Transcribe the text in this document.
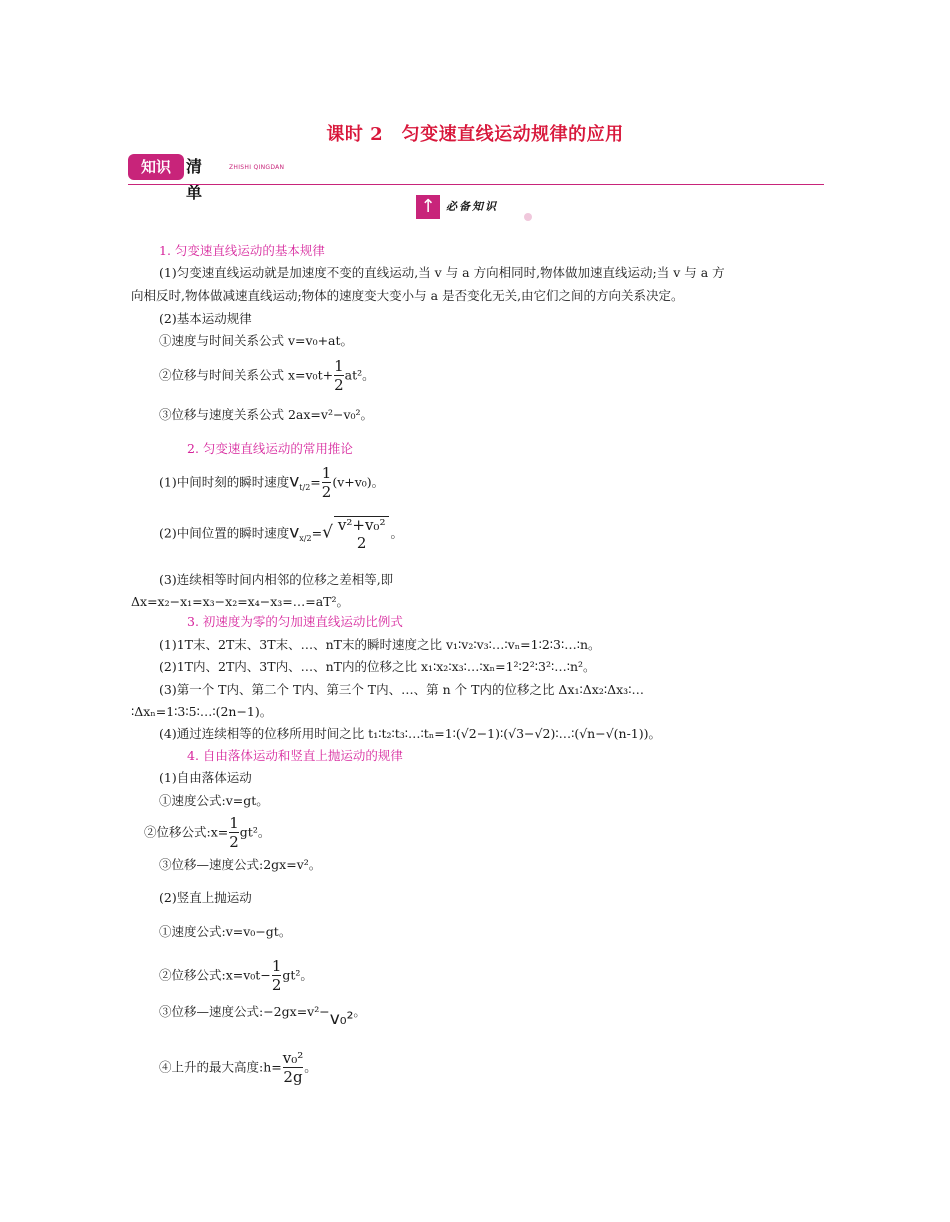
课时 2　匀变速直线运动规律的应用
知识 清单
ZHISHI QINGDAN
↑ 必备知识
1. 匀变速直线运动的基本规律
(1)匀变速直线运动就是加速度不变的直线运动,当 v 与 a 方向相同时,物体做加速直线运动;当 v 与 a 方
向相反时,物体做减速直线运动;物体的速度变大变小与 a 是否变化无关,由它们之间的方向关系决定。
(2)基本运动规律
①速度与时间关系公式 v=v₀+at。
③位移与速度关系公式 2ax=v²−v₀²。
2. 匀变速直线运动的常用推论
(3)连续相等时间内相邻的位移之差相等,即
Δx=x₂−x₁=x₃−x₂=x₄−x₃=…=aT²。
3. 初速度为零的匀加速直线运动比例式
(1)1T末、2T末、3T末、…、nT末的瞬时速度之比 v₁∶v₂∶v₃∶…∶vₙ=1∶2∶3∶…∶n。
(2)1T内、2T内、3T内、…、nT内的位移之比 x₁∶x₂∶x₃∶…∶xₙ=1²∶2²∶3²∶…∶n²。
(3)第一个 T内、第二个 T内、第三个 T内、…、第 n 个 T内的位移之比 Δx₁∶Δx₂∶Δx₃∶…
∶Δxₙ=1∶3∶5∶…∶(2n−1)。
4. 自由落体运动和竖直上抛运动的规律
(1)自由落体运动
①速度公式:v=gt。
③位移—速度公式:2gx=v²。
(2)竖直上抛运动
①速度公式:v=v₀−gt。
②位移与时间关系公式 $x=v_0t+ \frac{1}{2} at^2$。
(1)中间时刻的瞬时速度$v_{t/2}= \frac{1}{2} (v+v_0)$。
(2)中间位置的瞬时速度$v_{x/2}=√$ v²+v₀²
2
。
(4)通过连续相等的位移所用时间之比 t₁∶t₂∶t₃∶…∶tₙ=1∶(√2−1)∶(√3−√2)∶…∶(√n−√(n-1))。
②位移公式:x= $\frac{1}{2} gt^2$。
②位移公式:x=v₀t− $\frac{1}{2} gt^2$。
③位移—速度公式:−2gx=v²−v₀²。
④上升的最大高度:h= $\frac{\text{v₀²}}{2g}$ 。
